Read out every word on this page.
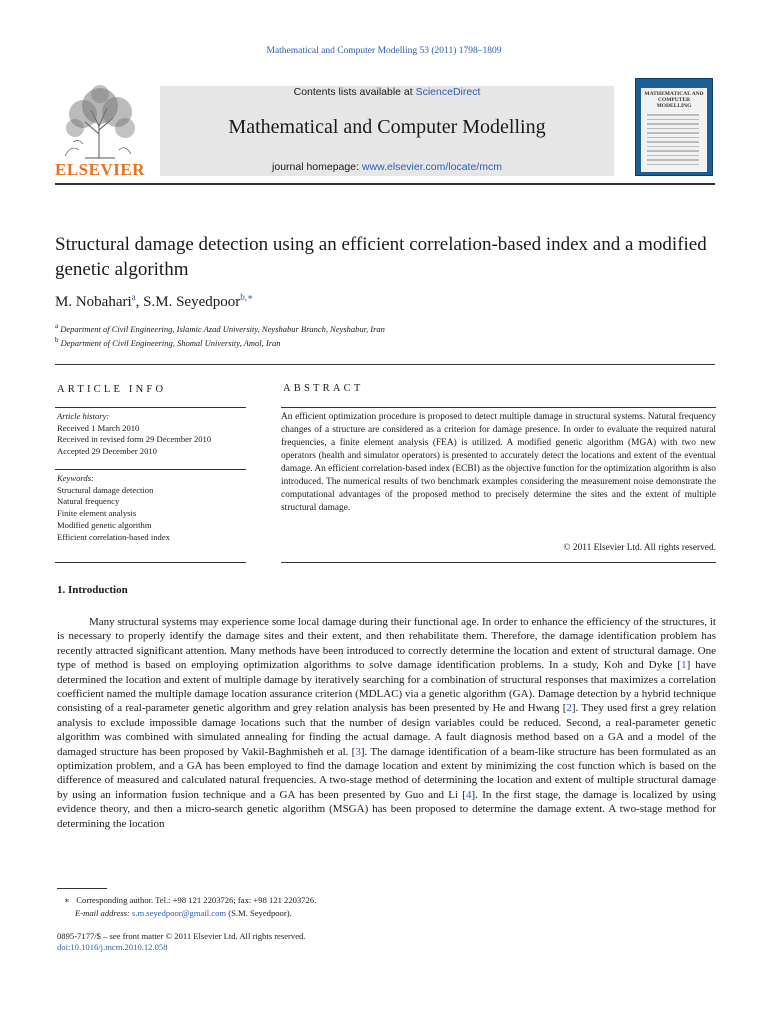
Mathematical and Computer Modelling 53 (2011) 1798–1809
ELSEVIER
Contents lists available at ScienceDirect
Mathematical and Computer Modelling
journal homepage: www.elsevier.com/locate/mcm
MATHEMATICAL AND COMPUTER MODELLING
Structural damage detection using an efficient correlation-based index and a modified genetic algorithm
M. Nobahari$^a$, S.M. Seyedpoor$^{b,∗}$
$^a$ Department of Civil Engineering, Islamic Azad University, Neyshabur Branch, Neyshabur, Iran
$^b$ Department of Civil Engineering, Shomal University, Amol, Iran
ARTICLE INFO	ABSTRACT
Article history:
Received 1 March 2010
Received in revised form 29 December 2010
Accepted 29 December 2010
Keywords:
Structural damage detection
Natural frequency
Finite element analysis
Modified genetic algorithm
Efficient correlation-based index
An efficient optimization procedure is proposed to detect multiple damage in structural systems. Natural frequency changes of a structure are considered as a criterion for damage presence. In order to evaluate the required natural frequencies, a finite element analysis (FEA) is utilized. A modified genetic algorithm (MGA) with two new operators (health and simulator operators) is presented to accurately detect the locations and extent of the eventual damage. An efficient correlation-based index (ECBI) as the objective function for the optimization algorithm is also introduced. The numerical results of two benchmark examples considering the measurement noise demonstrate the computational advantages of the proposed method to precisely determine the sites and the extent of multiple structural damage.
© 2011 Elsevier Ltd. All rights reserved.
1. Introduction
Many structural systems may experience some local damage during their functional age. In order to enhance the efficiency of the structures, it is necessary to properly identify the damage sites and their extent, and then rehabilitate them. Therefore, the damage identification problem has recently attracted significant attention. Many methods have been introduced to correctly determine the location and extent of structural damage. One type of method is based on employing optimization algorithms to solve damage identification problems. In a study, Koh and Dyke [1] have determined the location and extent of multiple damage by iteratively searching for a combination of structural responses that maximizes a correlation coefficient named the multiple damage location assurance criterion (MDLAC) via a genetic algorithm (GA). Damage detection by a hybrid technique consisting of a real-parameter genetic algorithm and grey relation analysis has been presented by He and Hwang [2]. They used first a grey relation analysis to exclude impossible damage locations such that the number of design variables could be reduced. Second, a real-parameter genetic algorithm was combined with simulated annealing for finding the actual damage. A fault diagnosis method based on a GA and a model of the damaged structure has been proposed by Vakil-Baghmisheh et al. [3]. The damage identification of a beam-like structure has been formulated as an optimization problem, and a GA has been employed to find the damage location and extent by minimizing the cost function which is based on the difference of measured and calculated natural frequencies. A two-stage method of determining the location and extent of multiple structural damage by using an information fusion technique and a GA has been presented by Guo and Li [4]. In the first stage, the damage is localized by using evidence theory, and then a micro-search genetic algorithm (MSGA) has been proposed to determine the damage extent. A two-stage method for determining the location
∗ Corresponding author. Tel.: +98 121 2203726; fax: +98 121 2203726.
E-mail address: s.m.seyedpoor@gmail.com (S.M. Seyedpoor).
0895-7177/$ – see front matter © 2011 Elsevier Ltd. All rights reserved.
doi:10.1016/j.mcm.2010.12.058
